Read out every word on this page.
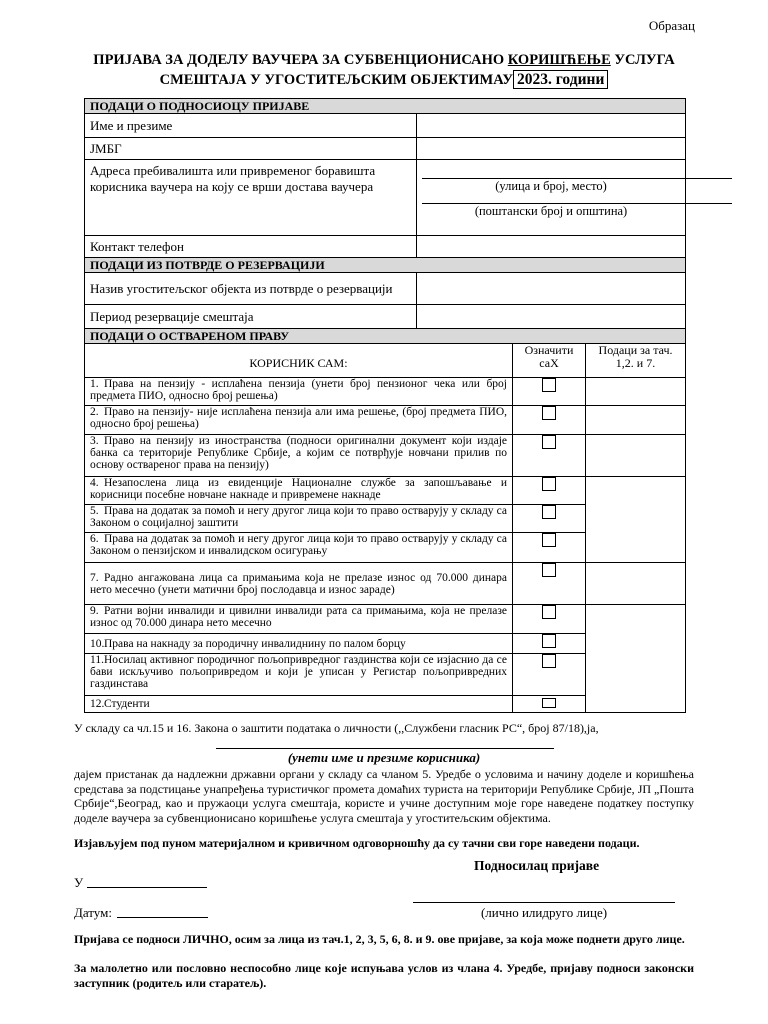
Образац
ПРИЈАВА ЗА ДОДЕЛУ ВАУЧЕРА ЗА СУБВЕНЦИОНИСАНО КОРИШЋЕЊЕ УСЛУГА
СМЕШТАЈА У УГОСТИТЕЉСКИМ ОБЈЕКТИМАУ 2023. години
ПОДАЦИ О ПОДНОСИОЦУ ПРИЈАВЕ			
Име и презиме			
ЈМБГ			
Адреса пребивалишта или привременог боравишта корисника ваучера на коју се врши достава ваучера	(улица и број, место)
(поштански број и општина)		

Контакт телефон			
ПОДАЦИ ИЗ ПОТВРДЕ О РЕЗЕРВАЦИЈИ			
Назив угоститељског објекта из потврде о резервацији			
Период резервације смештаја			
ПОДАЦИ О ОСТВАРЕНОМ ПРАВУ			
КОРИСНИК САМ:		Означити саХ	Подаци за тач. 1,2. и 7.
1. Права на пензију - исплаћена пензија (унети број пензионог чека или број предмета ПИО, односно број решења)			
2. Право на пензију- није исплаћена пензија али има решење, (број предмета ПИО, односно број решења)			
3. Право на пензију из иностранства (подноси оригинални документ који издаје банка са територије Републике Србије, а којим се потврђује новчани прилив по основу оствареног права на пензију)			
4. Незапослена лица из евиденције Националне службе за запошљавање и корисници посебне новчане накнаде и привремене накнаде			
5. Права на додатак за помоћ и негу другог лица који то право остварују у складу са Законом о социјалној заштити			
6. Права на додатак за помоћ и негу другог лица који то право остварују у складу са Законом о пензијском и инвалидском осигурању			
7. Радно ангажована лица са примањима која не прелазе износ од 70.000 динара нето месечно (унети матични број послодавца и износ зараде)			
9. Ратни војни инвалиди и цивилни инвалиди рата са примањима, која не прелазе износ од 70.000 динара нето месечно			
10.Права на накнаду за породичну инвалиднину по палом борцу			
11.Носилац активног породичног пољопривредног газдинства који се изјаснио да се бави искључиво пољопривредом и који је уписан у Регистар пољопривредних газдинстава			
12.Студенти			
У складу са чл.15 и 16. Закона о заштити података о личности (,,Службени гласник РС“, број 87/18),ја,
(унети име и презиме корисника)
дајем пристанак да надлежни државни органи у складу са чланом 5. Уредбе о условима и начину доделе и коришћења средстава за подстицање унапређења туристичког промета домаћих туриста на територији Републике Србије, ЈП „Пошта Србије“,Београд, као и пружаоци услуга смештаја, користе и учине доступним моје горе наведене податкеу поступку доделе ваучера за субвенционисано коришћење услуга смештаја у угоститељским објектима.
Изјављујем под пуном материјалном и кривичном одговорношћу да су тачни сви горе наведени подаци.
Подносилац пријаве
У
Датум:	(лично илидруго лице)
Пријава се подноси ЛИЧНО, осим за лица из тач.1, 2, 3, 5, 6, 8. и 9. ове пријаве, за која може поднети друго лице.
За малолетно или пословно неспособно лице које испуњава услов из члана 4. Уредбе, пријаву подноси законски заступник (родитељ или старатељ).
